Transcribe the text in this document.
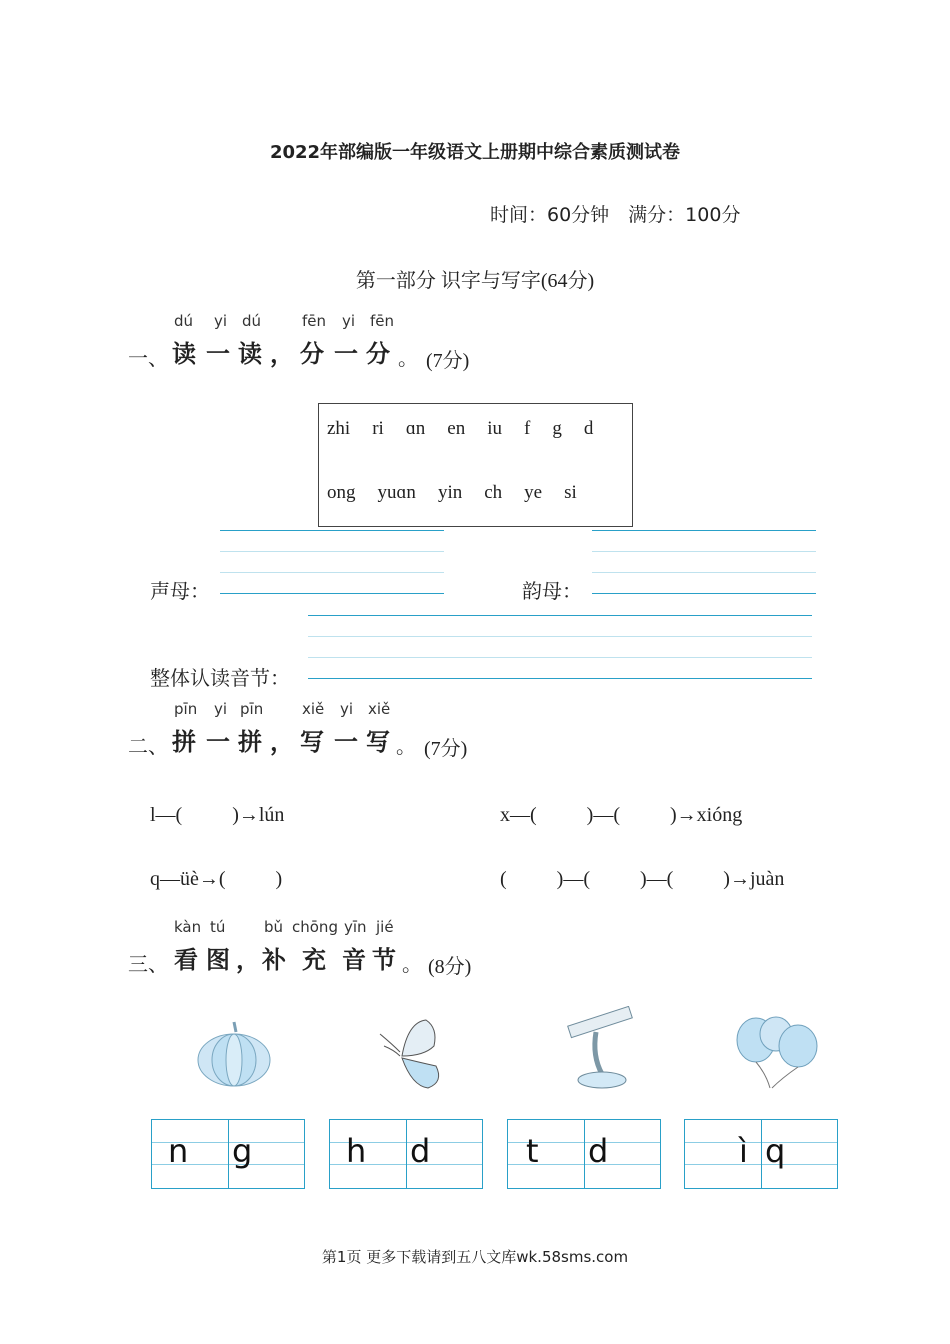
2022年部编版一年级语文上册期中综合素质测试卷
时间：60分钟　满分：100分
第一部分 识字与写字(64分)
dú yi dú	fēn yi fēn
一、 读 一 读 ， 分 一 分 。 (7分)
zhi ri ɑn en iu f g d
ong yuɑn yin ch ye si
声母：	韵母：
整体认读音节：
pīn yi pīn	xiě yi xiě
二、 拼 一 拼 ， 写 一 写 。 (7分)
l—(          )→lún	x—(          )—(          )→xióng
q—üè→(          )	(          )—(          )—(          )→juàn
kàn tú	bǔ chōng yīn jié
三、 看 图 ， 补 充 音 节 。 (8分)
n g	h d	t d	ì q
第1页 更多下载请到五八文库wk.58sms.com
